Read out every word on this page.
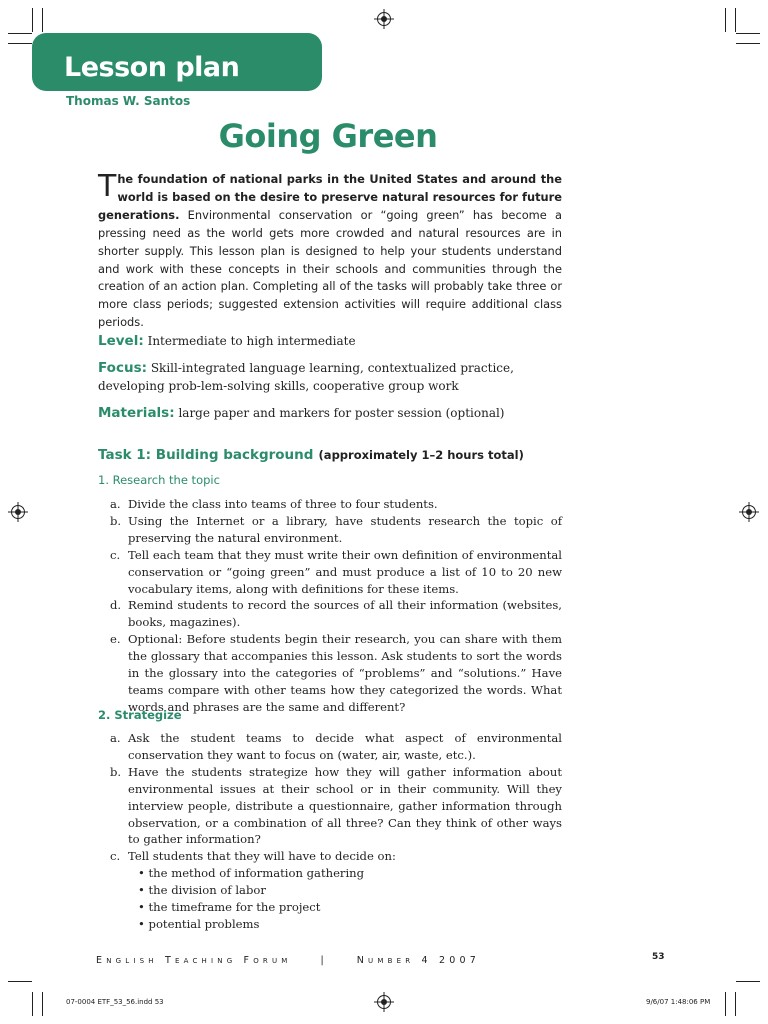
Lesson plan
Thomas W. Santos
Going Green
The foundation of national parks in the United States and around the world is based on the desire to preserve natural resources for future generations. Environmental conservation or “going green” has become a pressing need as the world gets more crowded and natural resources are in shorter supply. This lesson plan is designed to help your students understand and work with these concepts in their schools and communities through the creation of an action plan. Completing all of the tasks will probably take three or more class periods; suggested extension activities will require additional class periods.
Level: Intermediate to high intermediate
Focus: Skill-integrated language learning, contextualized practice, developing prob-lem-solving skills, cooperative group work
Materials: large paper and markers for poster session (optional)
Task 1: Building background (approximately 1–2 hours total)
1. Research the topic
a. Divide the class into teams of three to four students.
b. Using the Internet or a library, have students research the topic of preserving the natural environment.
c. Tell each team that they must write their own definition of environmental conservation or “going green” and must produce a list of 10 to 20 new vocabulary items, along with definitions for these items.
d. Remind students to record the sources of all their information (websites, books, magazines).
e. Optional: Before students begin their research, you can share with them the glossary that accompanies this lesson. Ask students to sort the words in the glossary into the categories of “problems” and “solutions.” Have teams compare with other teams how they categorized the words. What words and phrases are the same and different?
2. Strategize
a. Ask the student teams to decide what aspect of environmental conservation they want to focus on (water, air, waste, etc.).
b. Have the students strategize how they will gather information about environmental issues at their school or in their community. Will they interview people, distribute a questionnaire, gather information through observation, or a combination of all three? Can they think of other ways to gather information?
c. Tell students that they will have to decide on:
• the method of information gathering
• the division of labor
• the timeframe for the project
• potential problems
English Teaching Forum	|	Number 4 2007	53
07-0004 ETF_53_56.indd 53	9/6/07 1:48:06 PM
